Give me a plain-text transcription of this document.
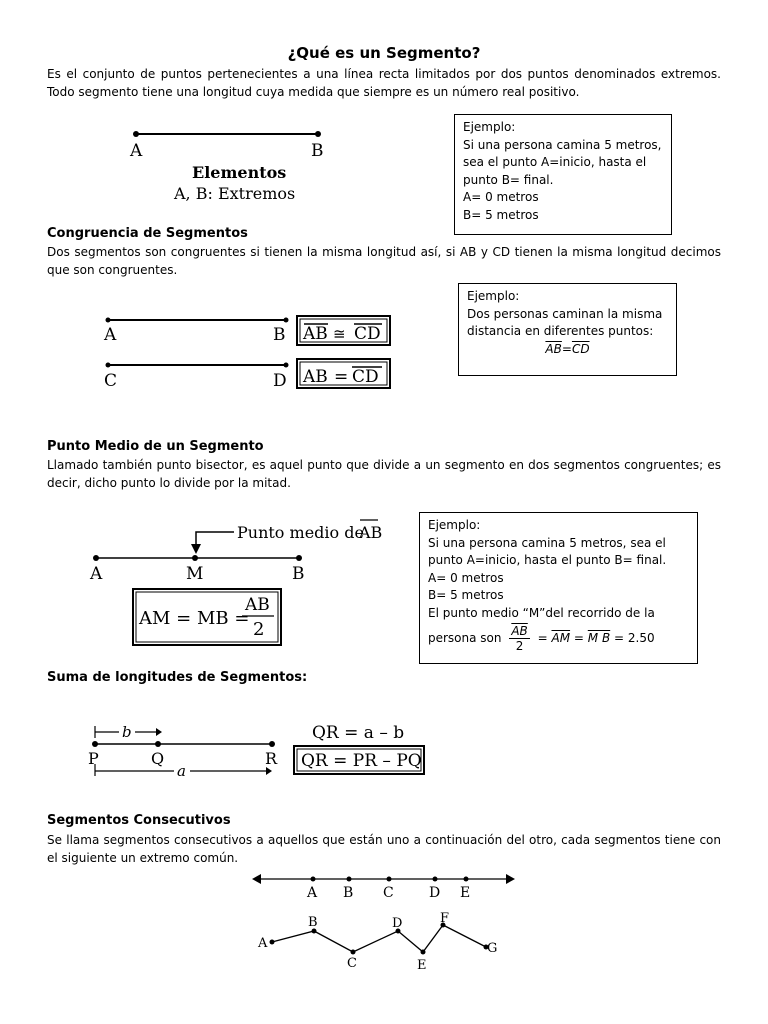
¿Qué es un Segmento?
Es el conjunto de puntos pertenecientes a una línea recta limitados por dos puntos denominados extremos. Todo segmento tiene una longitud cuya medida que siempre es un número real positivo.
A	B
Elementos
A, B: Extremos
Ejemplo:
Si una persona camina 5 metros,
sea el punto A=inicio, hasta el
punto B= final.
A= 0 metros
B= 5 metros
Congruencia de Segmentos
Dos segmentos son congruentes si tienen la misma longitud así, si AB y CD tienen la misma longitud decimos que son congruentes.
A	B
C	D
AB ≅ CD
AB = CD
Ejemplo:
Dos personas caminan la misma
distancia en diferentes puntos:
$\overline{AB}=\overline{CD}$
Punto Medio de un Segmento
Llamado también punto bisector, es aquel punto que divide a un segmento en dos segmentos congruentes; es decir, dicho punto lo divide por la mitad.
Punto medio de
AB
A	M	B
AM = MB =
AB
2
Ejemplo:
Si una persona camina 5 metros, sea el
punto A=inicio, hasta el punto B= final.
A= 0 metros
B= 5 metros
El punto medio “M”del recorrido de la
persona son $\frac{\overline{AB}}{2} = \overline{AM} = M$ B = 2.50
Suma de longitudes de Segmentos:
b
P	Q	R
a
QR = a – b
QR = PR – PQ
Segmentos Consecutivos
Se llama segmentos consecutivos a aquellos que están uno a continuación del otro, cada segmentos tiene con el siguiente un extremo común.
A B C	D E
A
B
C
D
E
F
G
